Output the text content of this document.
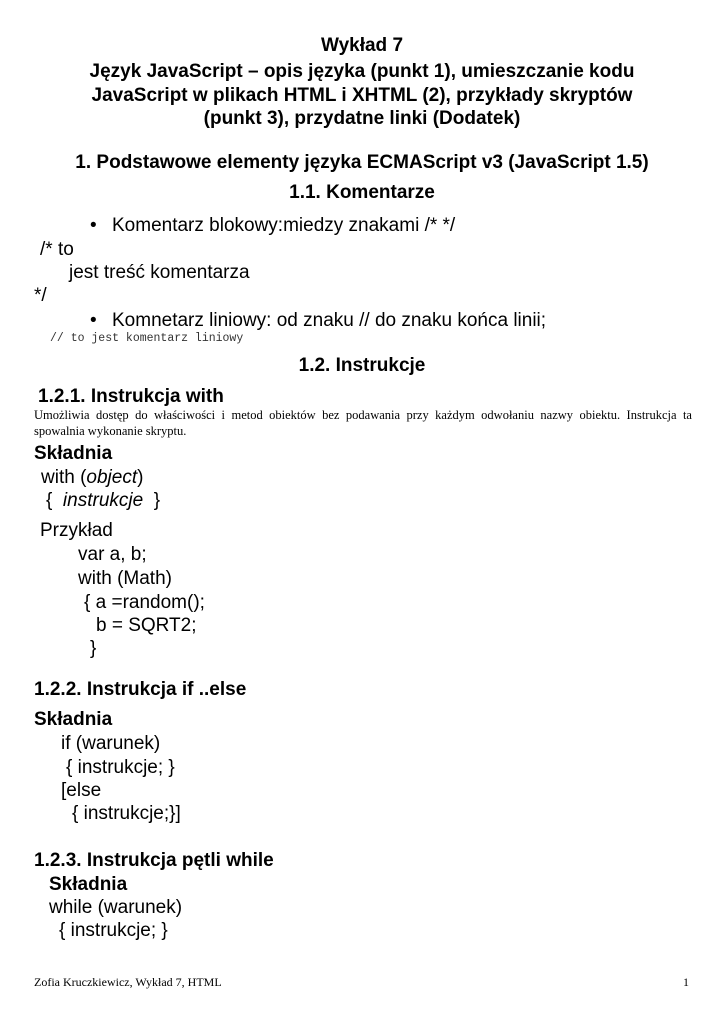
Wykład 7
Język JavaScript – opis języka (punkt 1), umieszczanie kodu
JavaScript w plikach HTML i XHTML (2), przykłady skryptów
(punkt 3), przydatne linki (Dodatek)
1. Podstawowe elementy języka ECMAScript v3 (JavaScript 1.5)
1.1. Komentarze
• Komentarz blokowy:miedzy znakami /* */
/* to
jest treść komentarza
*/
• Komnetarz liniowy: od znaku // do znaku końca linii;
// to jest komentarz liniowy
1.2. Instrukcje
1.2.1. Instrukcja with
Umożliwia dostęp do właściwości i metod obiektów bez podawania przy każdym odwołaniu nazwy obiektu. Instrukcja ta spowalnia wykonanie skryptu.
Składnia
with (object)
{ instrukcje }
Przykład
var a, b;
with (Math)
{ a =random();
b = SQRT2;
}
1.2.2. Instrukcja if ..else
Składnia
if (warunek)
{ instrukcje; }
[else
{ instrukcje;}]
1.2.3. Instrukcja pętli while
Składnia
while (warunek)
{ instrukcje; }
Zofia Kruczkiewicz, Wykład 7, HTML	1
